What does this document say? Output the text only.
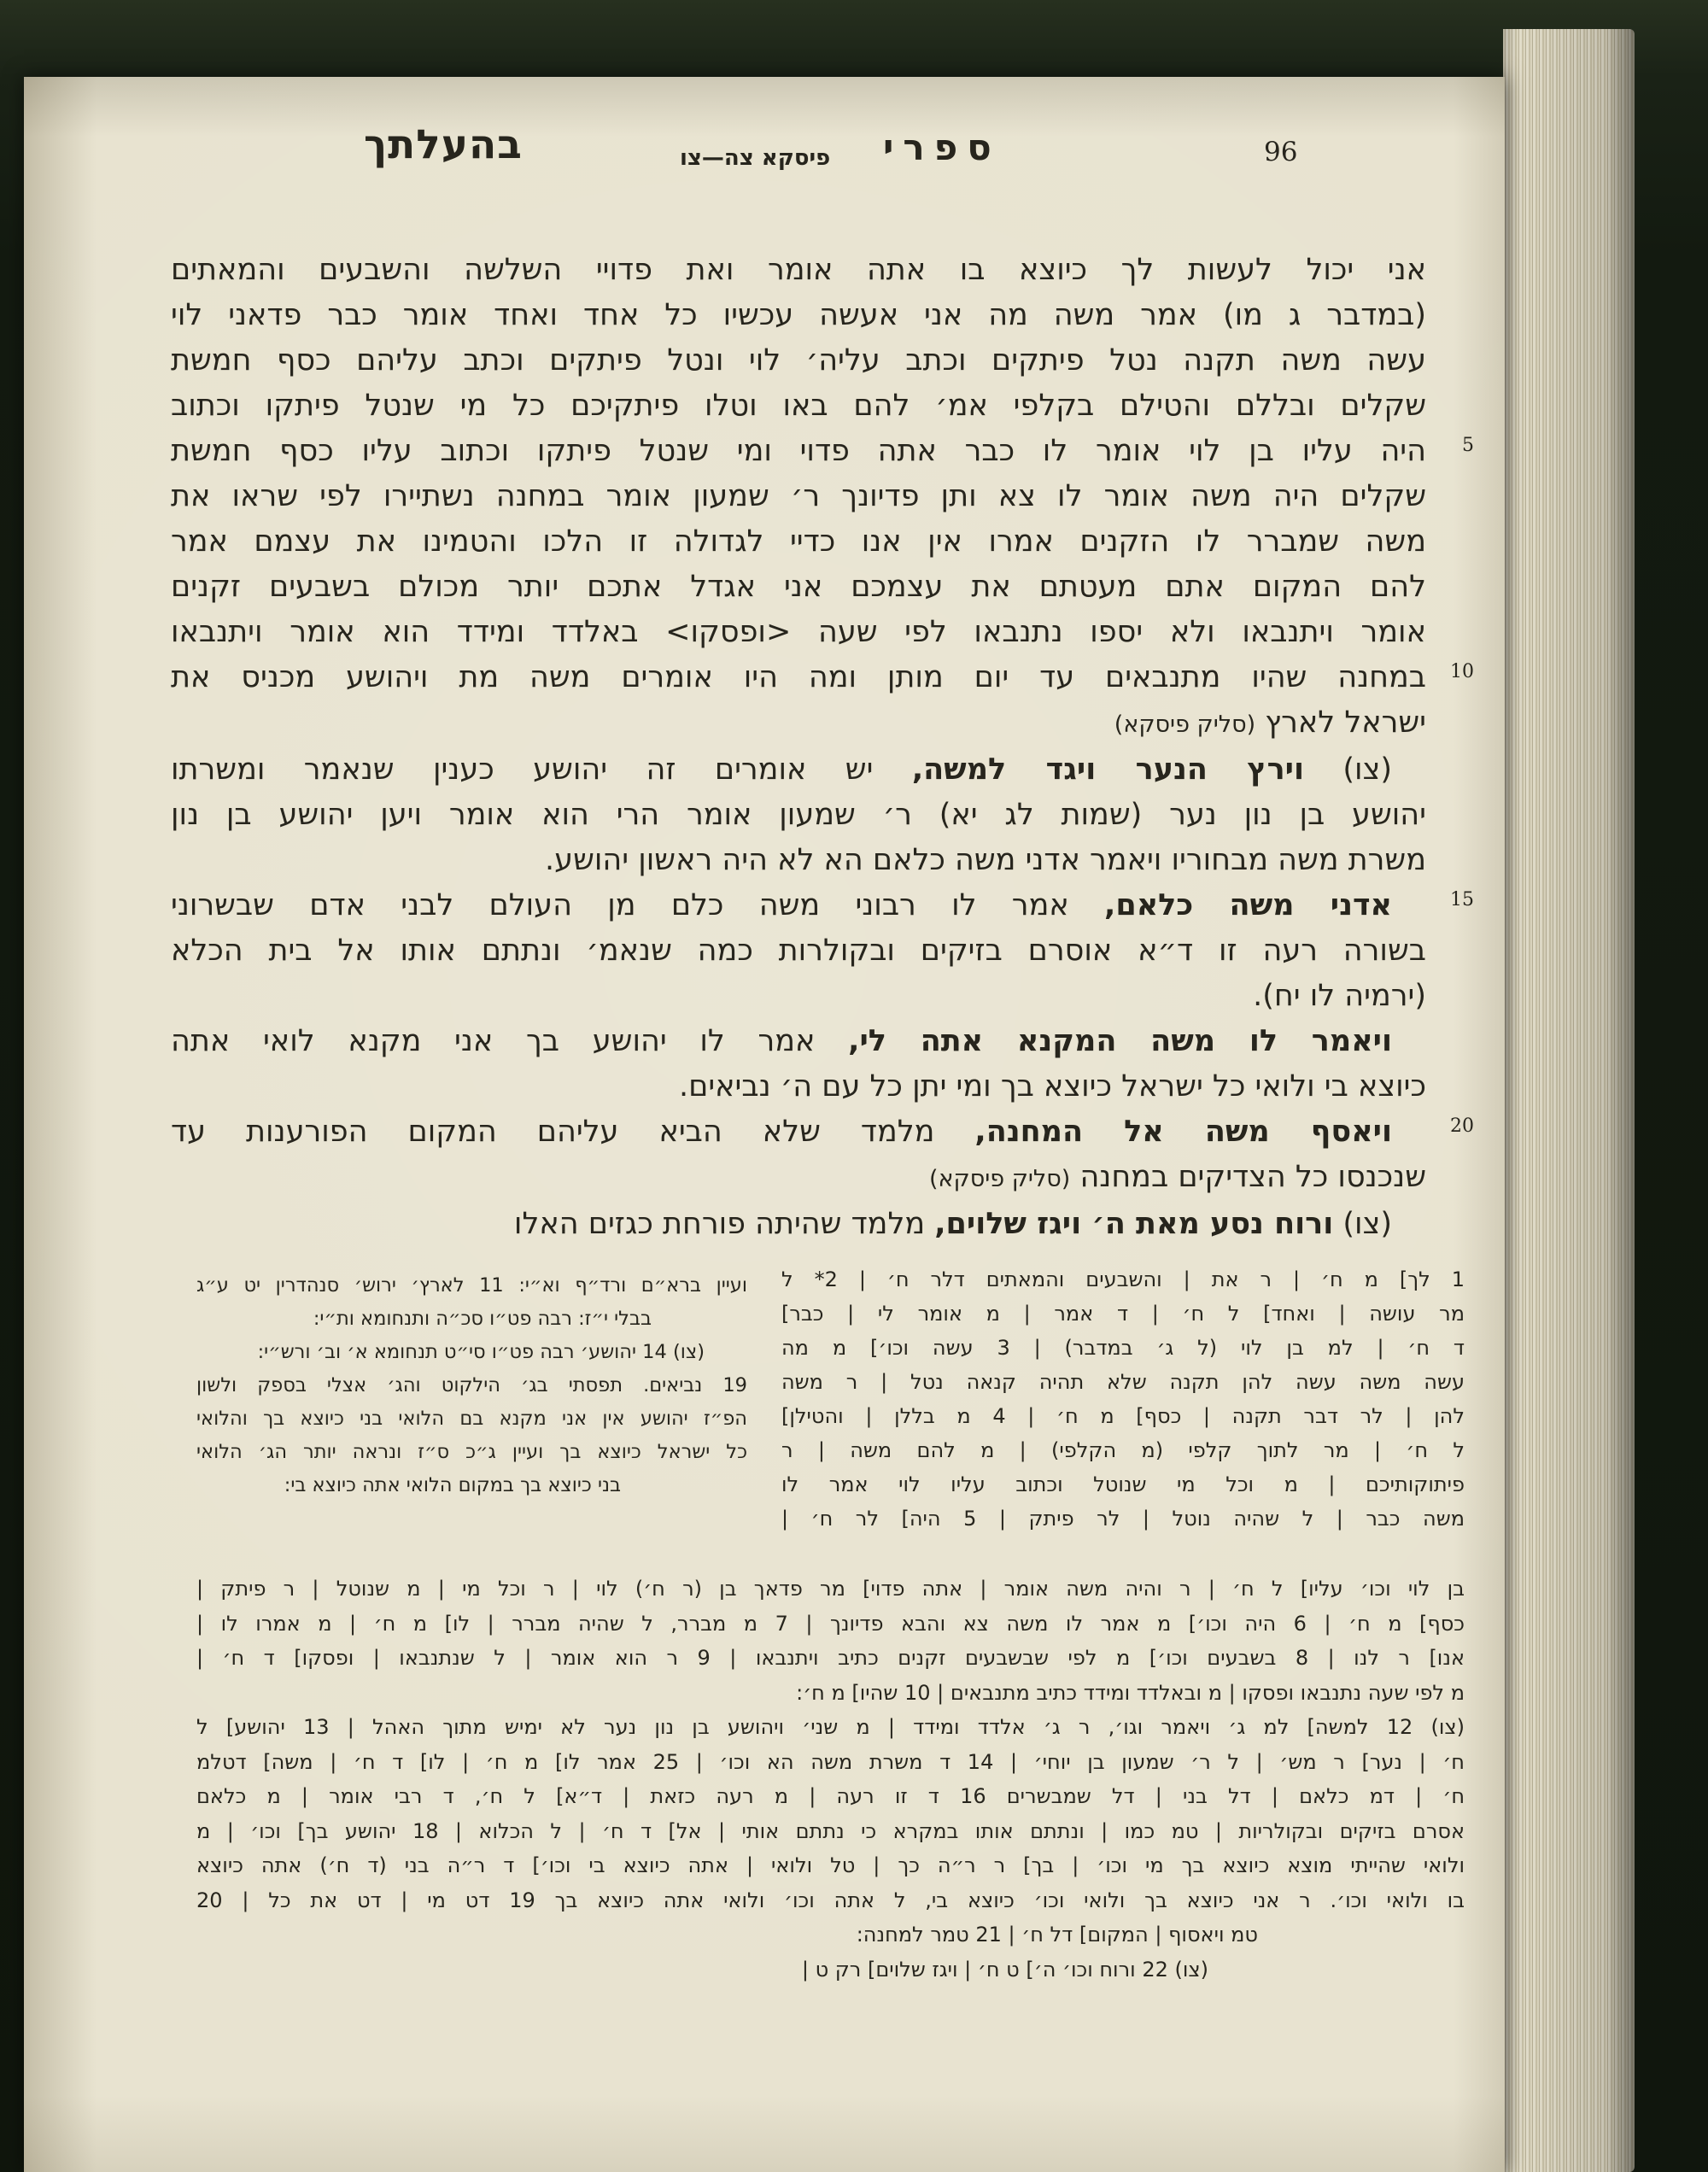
בהעלתך	פיסקא צה—צו ספרי	96
אני יכול לעשות לך כיוצא בו אתה אומר ואת פדויי השלשה והשבעים והמאתים
(במדבר ג מו) אמר משה מה אני אעשה עכשיו כל אחד ואחד אומר כבר פדאני לוי
עשה משה תקנה נטל פיתקים וכתב עליה׳ לוי ונטל פיתקים וכתב עליהם כסף חמשת
שקלים ובללם והטילם בקלפי אמ׳ להם באו וטלו פיתקיכם כל מי שנטל פיתקו וכתוב
היה עליו בן לוי אומר לו כבר אתה פדוי ומי שנטל פיתקו וכתוב עליו כסף חמשת 5
שקלים היה משה אומר לו צא ותן פדיונך ר׳ שמעון אומר במחנה נשתיירו לפי שראו את
משה שמברר לו הזקנים אמרו אין אנו כדיי לגדולה זו הלכו והטמינו את עצמם אמר
להם המקום אתם מעטתם את עצמכם אני אגדל אתכם יותר מכולם בשבעים זקנים
אומר ויתנבאו ולא יספו נתנבאו לפי שעה <ופסקו> באלדד ומידד הוא אומר ויתנבאו
במחנה שהיו מתנבאים עד יום מותן ומה היו אומרים משה מת ויהושע מכניס את 10
ישראל לארץ (סליק פיסקא)
(צו) וירץ הנער ויגד למשה, יש אומרים זה יהושע כענין שנאמר ומשרתו
יהושע בן נון נער (שמות לג יא) ר׳ שמעון אומר הרי הוא אומר ויען יהושע בן נון
משרת משה מבחוריו ויאמר אדני משה כלאם הא לא היה ראשון יהושע.
אדני משה כלאם, אמר לו רבוני משה כלם מן העולם לבני אדם שבשרוני	15
בשורה רעה זו ד״א אוסרם בזיקים ובקולרות כמה שנאמ׳ ונתתם אותו אל בית הכלא
(ירמיה לו יח).
ויאמר לו משה המקנא אתה לי, אמר לו יהושע בך אני מקנא לואי אתה
כיוצא בי ולואי כל ישראל כיוצא בך ומי יתן כל עם ה׳ נביאים.
ויאסף משה אל המחנה, מלמד שלא הביא עליהם המקום הפורענות עד	20
שנכנסו כל הצדיקים במחנה (סליק פיסקא)
(צו) ורוח נסע מאת ה׳ ויגז שלוים, מלמד שהיתה פורחת כגזים האלו
ועיין ברא״ם ורד״ף וא״י: 11 לארץ׳ ירוש׳ סנהדרין יט ע״ג
בבלי י״ז: רבה פט״ו סכ״ה ותנחומא ות״י:
(צו) 14 יהושע׳ רבה פט״ו סי״ט תנחומא א׳ וב׳ ורש״י:
19 נביאים. תפסתי בג׳ הילקוט והג׳ אצלי בספק ולשון
הפ״ז יהושע אין אני מקנא בם הלואי בני כיוצא בך והלואי
כל ישראל כיוצא בך ועיין ג״כ ס״ז ונראה יותר הג׳ הלואי
בני כיוצא בך במקום הלואי אתה כיוצא בי:
1 לך] מ ח׳ | ר את | והשבעים והמאתים דלר ח׳ | 2* ל
מר עושה | ואחד] ל ח׳ | ד אמר | מ אומר לי | כבר]
ד ח׳ | למ בן לוי (ל ג׳ במדבר) | 3 עשה וכו׳] מ מה
עשה משה עשה להן תקנה שלא תהיה קנאה נטל | ר משה
להן | לר דבר תקנה | כסף] מ ח׳ | 4 מ בללן | והטילן]
ל ח׳ | מר לתוך קלפי (מ הקלפי) | מ להם משה | ר
פיתוקותיכם | מ וכל מי שנוטל וכתוב עליו לוי אמר לו
משה כבר | ל שהיה נוטל | לר פיתק | 5 היה] לר ח׳ |
בן לוי וכו׳ עליו] ל ח׳ | ר והיה משה אומר | אתה פדוי] מר פדאך בן (ר ח׳) לוי | ר וכל מי | מ שנוטל | ר פיתק |
כסף] מ ח׳ | 6 היה וכו׳] מ אמר לו משה צא והבא פדיונך | 7 מ מברר, ל שהיה מברר | לו] מ ח׳ | מ אמרו לו |
אנו] ר לנו | 8 בשבעים וכו׳] מ לפי שבשבעים זקנים כתיב ויתנבאו | 9 ר הוא אומר | ל שנתנבאו | ופסקו] ד ח׳ |
מ לפי שעה נתנבאו ופסקו | מ ובאלדד ומידד כתיב מתנבאים | 10 שהיו] מ ח׳:
(צו) 12 למשה] למ ג׳ ויאמר וגו׳, ר ג׳ אלדד ומידד | מ שני׳ ויהושע בן נון נער לא ימיש מתוך האהל | 13 יהושע] ל
ח׳ | נער] ר מש׳ | ל ר׳ שמעון בן יוחי׳ | 14 ד משרת משה הא וכו׳ | 25 אמר לו] מ ח׳ | לו] ד ח׳ | משה] דטלמ
ח׳ | דמ כלאם | דל בני | דל שמבשרים 16 ד זו רעה | מ רעה כזאת | ד״א] ל ח׳, ד רבי אומר | מ כלאם
אסרם בזיקים ובקולריות | טמ כמו | ונתתם אותו במקרא כי נתתם אותי | אל] ד ח׳ | ל הכלוא | 18 יהושע בך] וכו׳ | מ
ולואי שהייתי מוצא כיוצא בך מי וכו׳ | בך] ר ר״ה כך | טל ולואי | אתה כיוצא בי וכו׳] ד ר״ה בני (ד ח׳) אתה כיוצא
בו ולואי וכו׳. ר אני כיוצא בך ולואי וכו׳ כיוצא בי, ל אתה וכו׳ ולואי אתה כיוצא בך 19 דט מי | דט את כל | 20
טמ ויאסוף | המקום] דל ח׳ | 21 טמר למחנה:
(צו) 22 ורוח וכו׳ ה׳] ט ח׳ | ויגז שלוים] רק ט |
